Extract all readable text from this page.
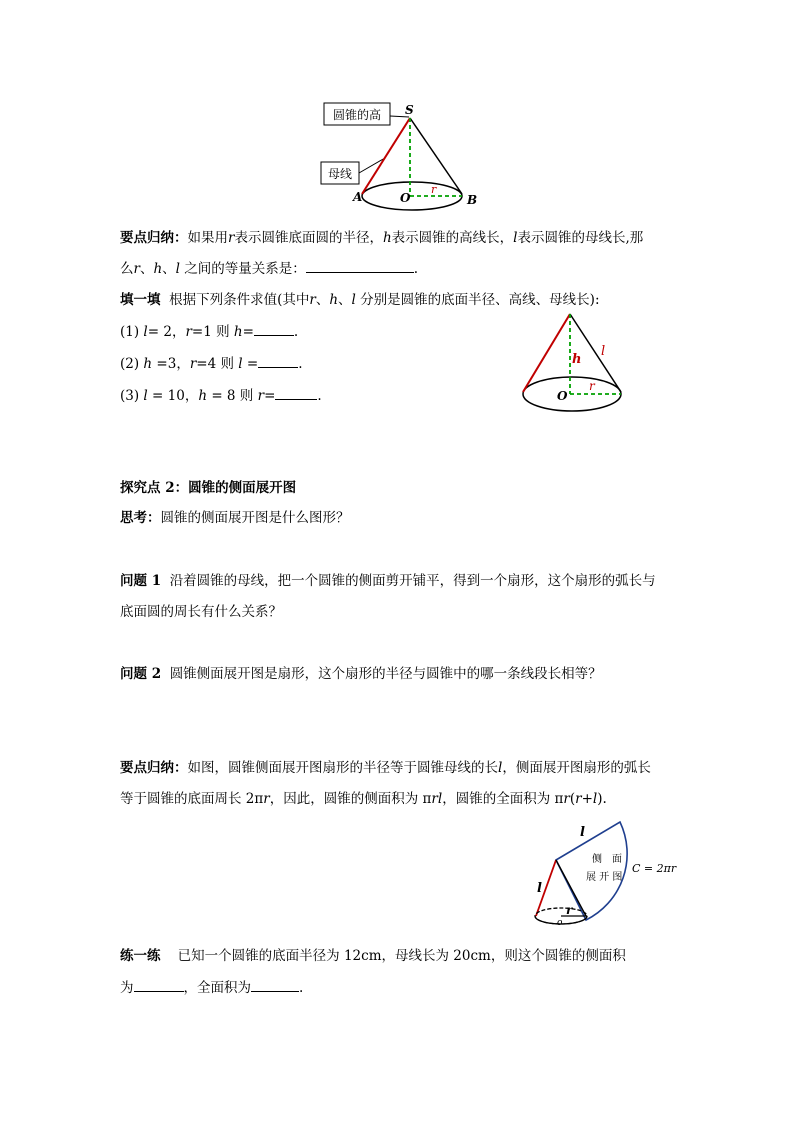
圆锥的高
母线
S
A	O	B
r
要点归纳：如果用r表示圆锥底面圆的半径，h表示圆锥的高线长，l表示圆锥的母线长,那
么r、h、l 之间的等量关系是：	.
填一填 根据下列条件求值(其中r、h、l 分别是圆锥的底面半径、高线、母线长):
(1) l= 2，r=1 则 h=	.
(2) h =3，r=4 则 l =	.
(3) l = 10，h = 8 则 r=	.
h
l
O
r
探究点 2：圆锥的侧面展开图
思考：圆锥的侧面展开图是什么图形？
问题 1 沿着圆锥的母线，把一个圆锥的侧面剪开铺平，得到一个扇形，这个扇形的弧长与
底面圆的周长有什么关系？
问题 2 圆锥侧面展开图是扇形，这个扇形的半径与圆锥中的哪一条线段长相等？
要点归纳：如图，圆锥侧面展开图扇形的半径等于圆锥母线的长l，侧面展开图扇形的弧长
等于圆锥的底面周长 2πr，因此，圆锥的侧面积为 πrl，圆锥的全面积为 πr(r+l).
l
l
侧　面
展 开 图
C = 2πr
r
o
练一练 已知一个圆锥的底面半径为 12cm，母线长为 20cm，则这个圆锥的侧面积
为	，全面积为	.
